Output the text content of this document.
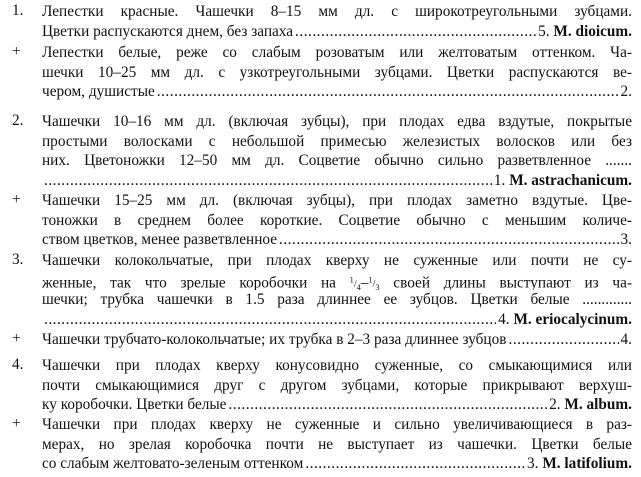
1.	Лепестки красные. Чашечки 8–15 мм дл. с широкотреугольными зубцами.
Цветки распускаются днем, без запаха .....	5. M. dioicum.
+	Лепестки белые, реже со слабым розоватым или желтоватым оттенком. Ча-
шечки 10–25 мм дл. с узкотреугольными зубцами. Цветки распускаются ве-
чером, душистые .....	2.
2.	Чашечки 10–16 мм дл. (включая зубцы), при плодах едва вздутые, покрытые
простыми волосками с небольшой примесью железистых волосков или без
них. Цветоножки 12–50 мм дл. Соцветие обычно сильно разветвленное .......
.....
1. M. astrachanicum.
+	Чашечки 15–25 мм дл. (включая зубцы), при плодах заметно вздутые. Цве-
тоножки в среднем более короткие. Соцветие обычно с меньшим количе-
ством цветков, менее разветвленное .....	3.
3.	Чашечки колокольчатые, при плодах кверху не суженные или почти не су-
женные, так что зрелые коробочки на $^1/_4-^1/_3$ своей длины выступают из ча-
шечки; трубка чашечки в 1.5 раза длиннее ее зубцов. Цветки белые .............
.....
4. M. eriocalycinum.
+	Чашечки трубчато-колокольчатые; их трубка в 2–3 раза длиннее зубцов .....	4.
4.	Чашечки при плодах кверху конусовидно суженные, со смыкающимися или
почти смыкающимися друг с другом зубцами, которые прикрывают верхуш-
ку коробочки. Цветки белые .....	2. M. album.
+	Чашечки при плодах кверху не суженные и сильно увеличивающиеся в раз-
мерах, но зрелая коробочка почти не выступает из чашечки. Цветки белые
со слабым желтовато-зеленым оттенком .....	3. M. latifolium.
